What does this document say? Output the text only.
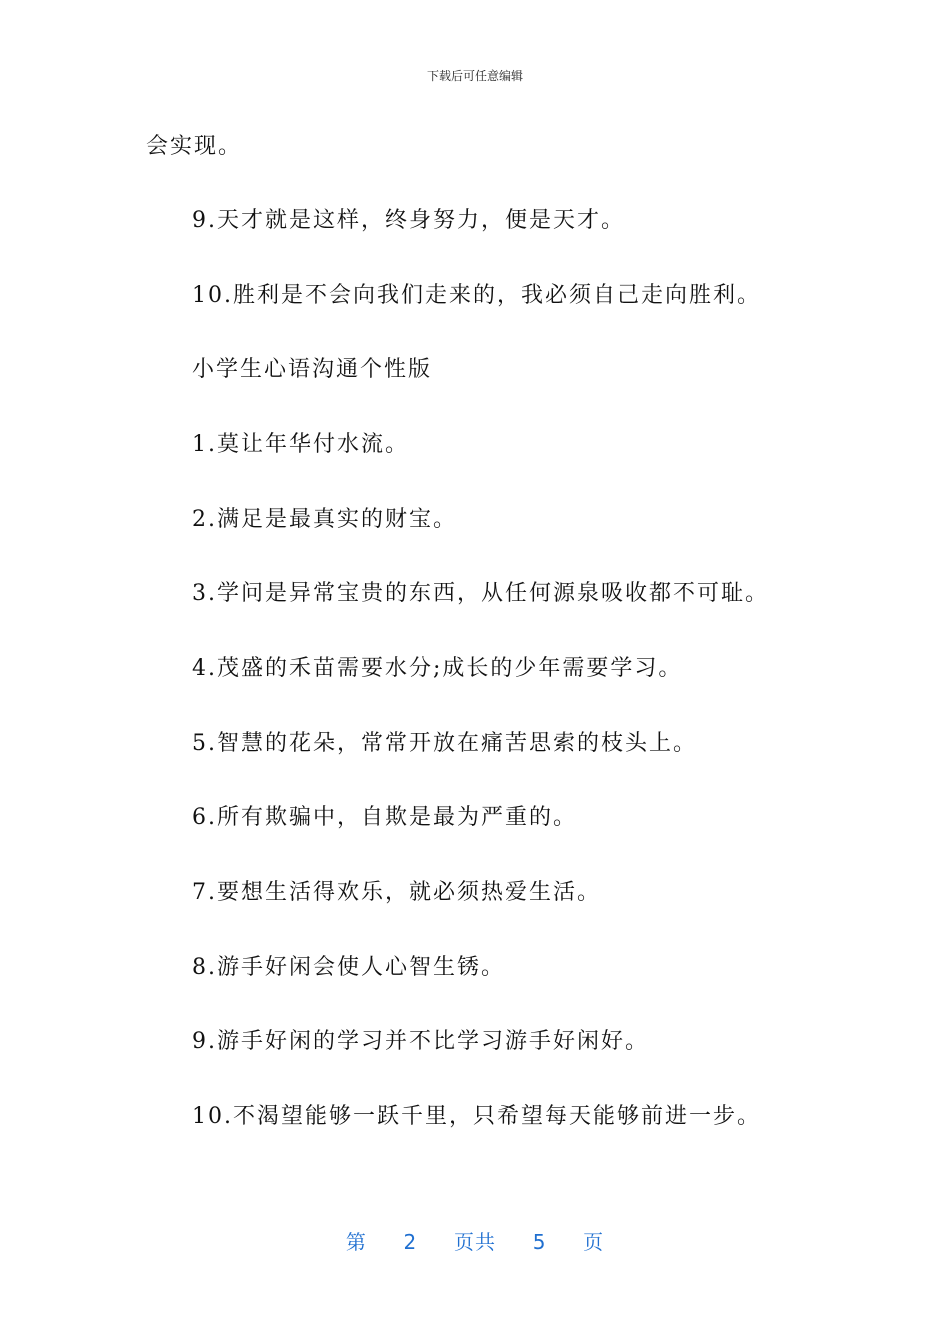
下载后可任意编辑
会实现。
9.天才就是这样，终身努力，便是天才。
10.胜利是不会向我们走来的，我必须自己走向胜利。
小学生心语沟通个性版
1.莫让年华付水流。
2.满足是最真实的财宝。
3.学问是异常宝贵的东西，从任何源泉吸收都不可耻。
4.茂盛的禾苗需要水分;成长的少年需要学习。
5.智慧的花朵，常常开放在痛苦思索的枝头上。
6.所有欺骗中，自欺是最为严重的。
7.要想生活得欢乐，就必须热爱生活。
8.游手好闲会使人心智生锈。
9.游手好闲的学习并不比学习游手好闲好。
10.不渴望能够一跃千里，只希望每天能够前进一步。
第 2 页共 5 页
